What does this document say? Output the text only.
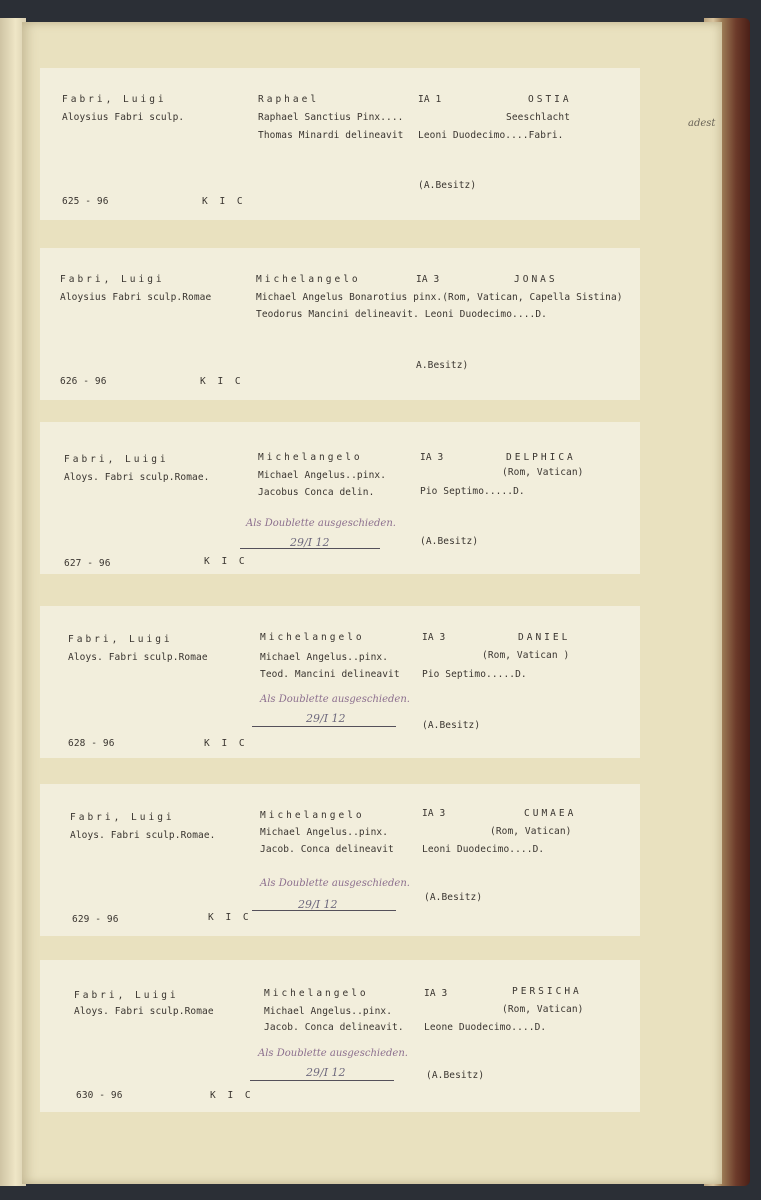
adest
Fabri, Luigi
Aloysius Fabri sculp.
Raphael
Raphael Sanctius Pinx....
Thomas Minardi delineavit
IA 1	OSTIA
Seeschlacht
Leoni Duodecimo....Fabri.
(A.Besitz)
625 - 96	K I C
Fabri, Luigi
Aloysius Fabri sculp.Romae
Michelangelo
Michael Angelus Bonarotius pinx.(Rom, Vatican, Capella Sistina)
Teodorus Mancini delineavit. Leoni Duodecimo....D.
IA 3	JONAS
A.Besitz)
626 - 96	K I C
Fabri, Luigi
Aloys. Fabri sculp.Romae.
Michelangelo
Michael Angelus..pinx.
Jacobus Conca delin.
IA 3	DELPHICA
(Rom, Vatican)
Pio Septimo.....D.
Als Doublette ausgeschieden.
29/I 12	(A.Besitz)
627 - 96	K I C
Fabri, Luigi
Aloys. Fabri sculp.Romae
Michelangelo
Michael Angelus..pinx.
Teod. Mancini delineavit
IA 3	DANIEL
(Rom, Vatican )
Pio Septimo.....D.
Als Doublette ausgeschieden.
29/I 12
(A.Besitz)
628 - 96	K I C
Fabri, Luigi
Aloys. Fabri sculp.Romae.
Michelangelo
Michael Angelus..pinx.
Jacob. Conca delineavit
IA 3	CUMAEA
(Rom, Vatican)
Leoni Duodecimo....D.
Als Doublette ausgeschieden.
29/I 12
(A.Besitz)
629 - 96	K I C
Fabri, Luigi
Aloys. Fabri sculp.Romae
Michelangelo
Michael Angelus..pinx.
Jacob. Conca delineavit.
IA 3	PERSICHA
(Rom, Vatican)
Leone Duodecimo....D.
Als Doublette ausgeschieden.
29/I 12	(A.Besitz)
630 - 96	K I C
